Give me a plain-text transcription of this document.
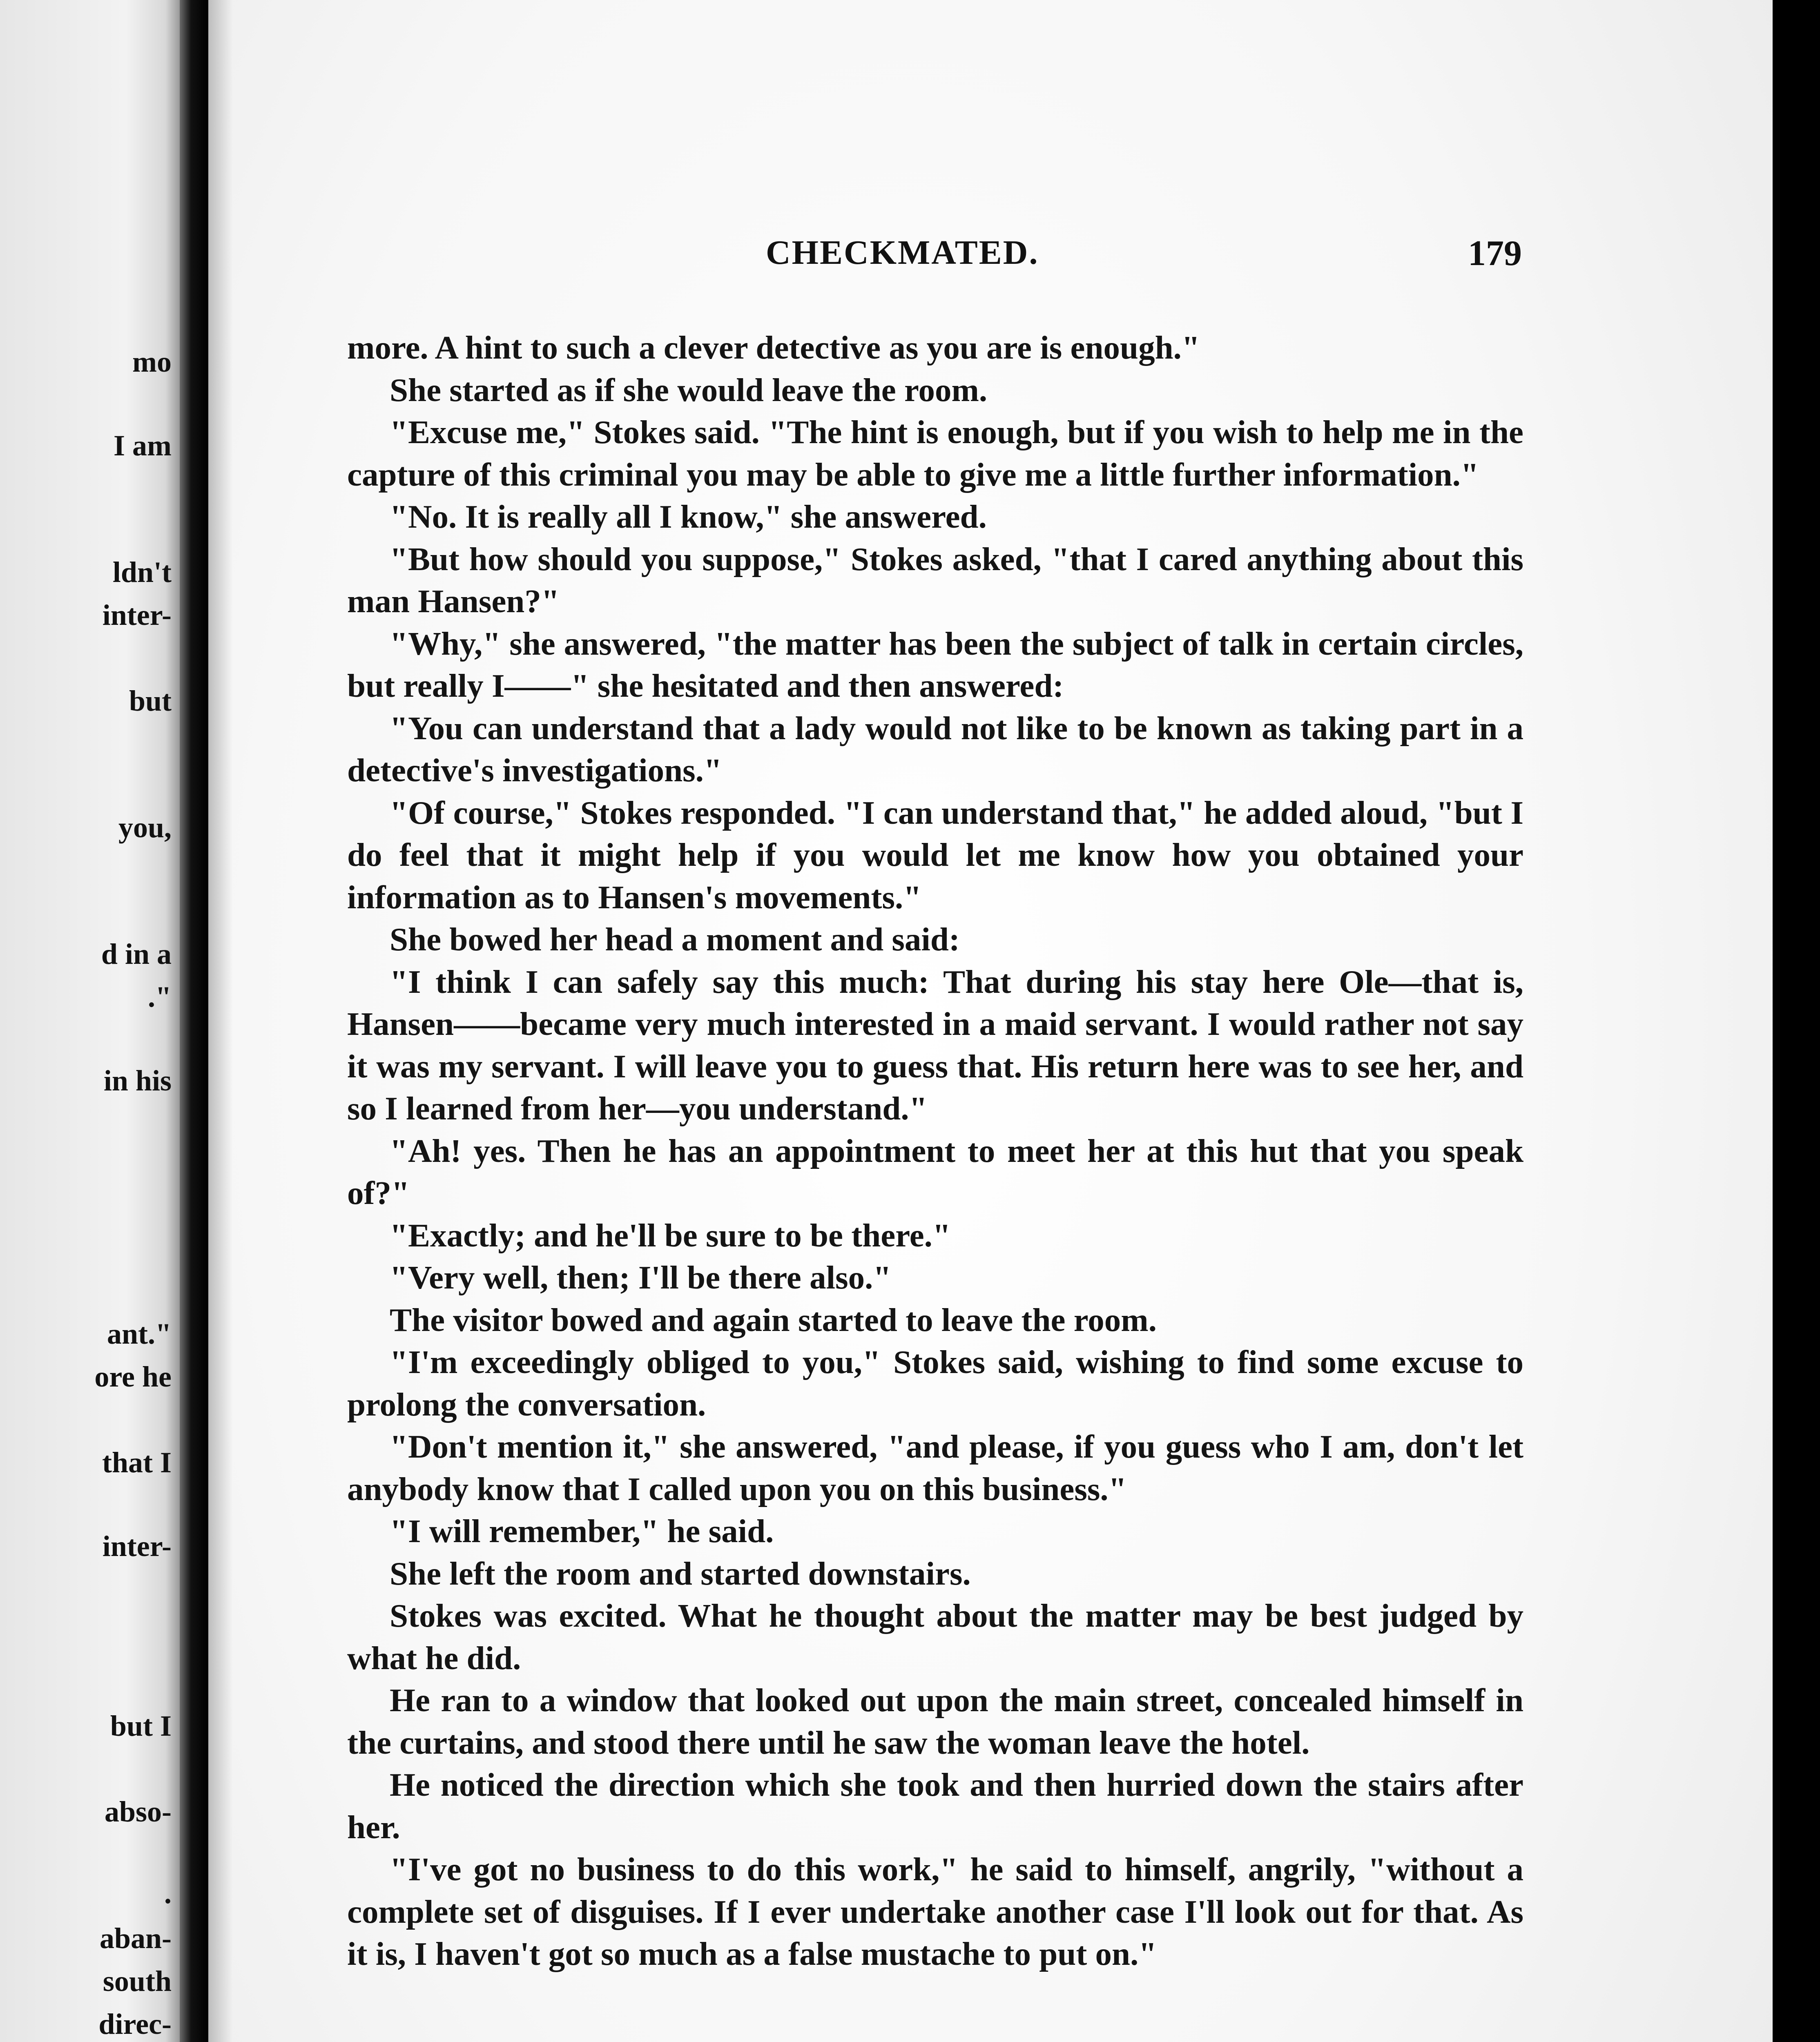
mo
I am
ldn't
inter-
but
you,
d in a
."
in his
ant."
ore he
that I
inter-
but I
abso-
.
aban-
south
direc-
CHECKMATED.	179

more. A hint to such a clever detective as you are is enough."

She started as if she would leave the room.

"Excuse me," Stokes said. "The hint is enough, but if you wish to help me in the capture of this criminal you may be able to give me a little further information."

"No. It is really all I know," she answered.

"But how should you suppose," Stokes asked, "that I cared anything about this man Hansen?"

"Why," she answered, "the matter has been the subject of talk in certain circles, but really I——" she hesitated and then answered:

"You can understand that a lady would not like to be known as taking part in a detective's investigations."

"Of course," Stokes responded. "I can understand that," he added aloud, "but I do feel that it might help if you would let me know how you obtained your information as to Hansen's movements."

She bowed her head a moment and said:

"I think I can safely say this much: That during his stay here Ole—that is, Hansen——became very much interested in a maid servant. I would rather not say it was my servant. I will leave you to guess that. His return here was to see her, and so I learned from her—you understand."

"Ah! yes. Then he has an appointment to meet her at this hut that you speak of?"

"Exactly; and he'll be sure to be there."

"Very well, then; I'll be there also."

The visitor bowed and again started to leave the room.

"I'm exceedingly obliged to you," Stokes said, wishing to find some excuse to prolong the conversation.

"Don't mention it," she answered, "and please, if you guess who I am, don't let anybody know that I called upon you on this business."

"I will remember," he said.

She left the room and started downstairs.

Stokes was excited. What he thought about the matter may be best judged by what he did.

He ran to a window that looked out upon the main street, concealed himself in the curtains, and stood there until he saw the woman leave the hotel.

He noticed the direction which she took and then hurried down the stairs after her.

"I've got no business to do this work," he said to himself, angrily, "without a complete set of disguises. If I ever undertake another case I'll look out for that. As it is, I haven't got so much as a false mustache to put on."
